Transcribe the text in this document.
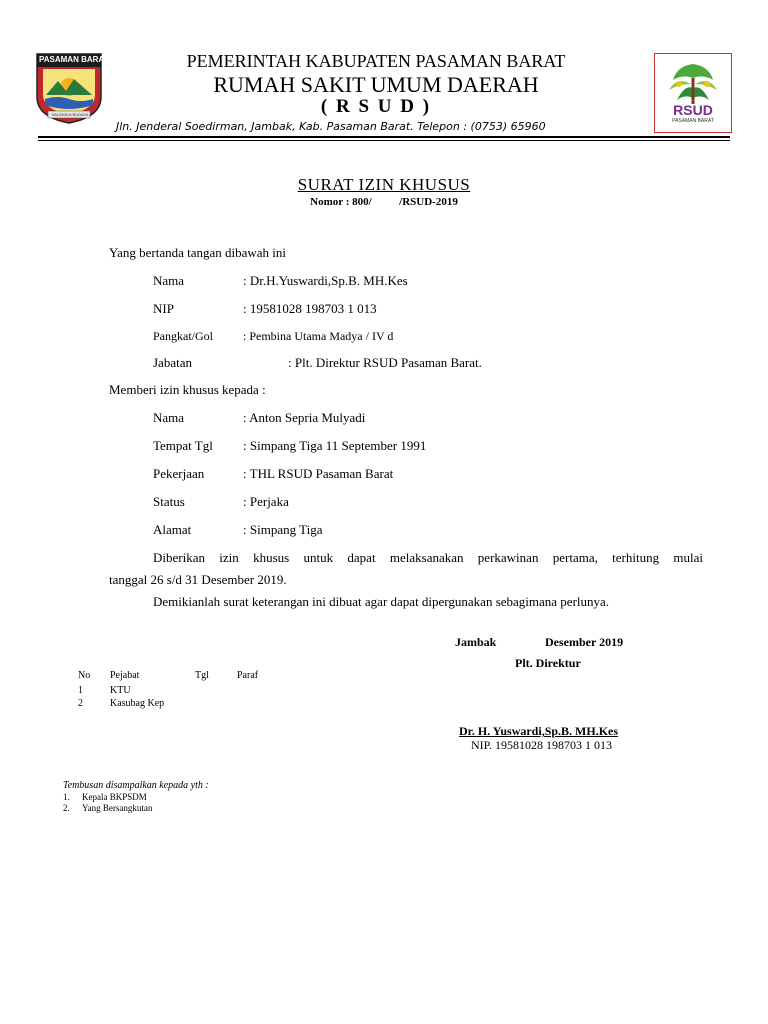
PASAMAN BARAT
SALINGKA BUDAYA
PEMERINTAH KABUPATEN PASAMAN BARAT
RUMAH SAKIT UMUM DAERAH
( R S U D )
Jln. Jenderal Soedirman, Jambak, Kab. Pasaman Barat. Telepon : (0753) 65960
RSUD
PASAMAN BARAT
SURAT IZIN KHUSUS
Nomor : 800/          /RSUD-2019
Yang bertanda tangan dibawah ini
Nama	: Dr.H.Yuswardi,Sp.B. MH.Kes
NIP	: 19581028 198703 1 013
Pangkat/Gol	: Pembina Utama Madya / IV d
Jabatan	: Plt. Direktur RSUD Pasaman Barat.
Memberi izin khusus kepada :
Nama	: Anton Sepria Mulyadi
Tempat Tgl : Simpang Tiga 11 September 1991
Pekerjaan	: THL RSUD Pasaman Barat
Status	: Perjaka
Alamat	: Simpang Tiga
Diberikan izin khusus untuk dapat melaksanakan perkawinan pertama, terhitung mulai
tanggal 26 s/d 31 Desember 2019.
Demikianlah surat keterangan ini dibuat agar dapat dipergunakan sebagimana perlunya.
Jambak	Desember 2019
Plt. Direktur
Dr. H. Yuswardi,Sp.B. MH.Kes
NIP. 19581028 198703 1 013
No Pejabat	Tgl	Paraf
1	KTU
2	Kasubag Kep
Tembusan disampaikan kepada yth :
1. Kepala BKPSDM
2. Yang Bersangkutan
